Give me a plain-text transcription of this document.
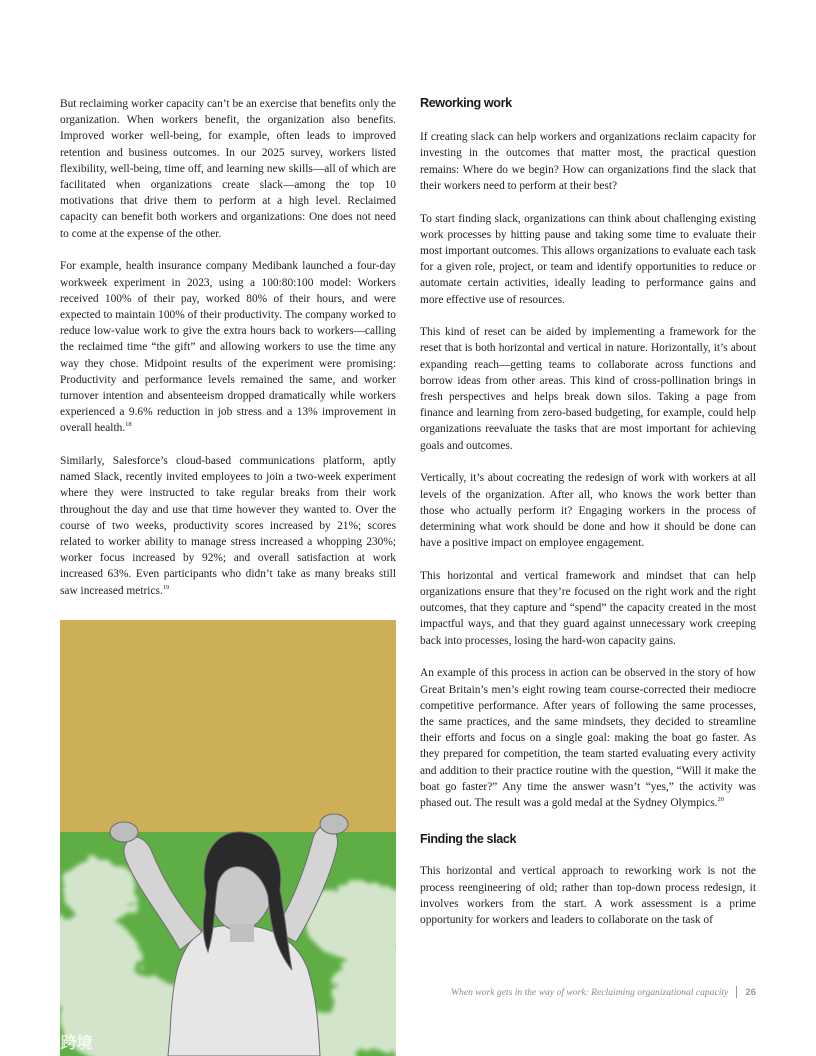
But reclaiming worker capacity can’t be an exercise that benefits only the organization. When workers benefit, the organization also benefits. Improved worker well-being, for example, often leads to improved retention and business outcomes. In our 2025 survey, workers listed flexibility, well-being, time off, and learning new skills—all of which are facilitated when organizations create slack—among the top 10 motivations that drive them to perform at a high level. Reclaimed capacity can benefit both workers and organizations: One does not need to come at the expense of the other.

For example, health insurance company Medibank launched a four-day workweek experiment in 2023, using a 100:80:100 model: Workers received 100% of their pay, worked 80% of their hours, and were expected to maintain 100% of their productivity. The company worked to reduce low-value work to give the extra hours back to workers—calling the reclaimed time “the gift” and allowing workers to use the time any way they chose. Midpoint results of the experiment were promising: Productivity and performance levels remained the same, and worker turnover intention and absenteeism dropped dramatically while workers experienced a 9.6% reduction in job stress and a 13% improvement in overall health.$^{18}$

Similarly, Salesforce’s cloud-based communications platform, aptly named Slack, recently invited employees to join a two-week experiment where they were instructed to take regular breaks from their work throughout the day and use that time however they wanted to. Over the course of two weeks, productivity scores increased by 21%; scores related to worker ability to manage stress increased a whopping 230%; worker focus increased by 92%; and overall satisfaction at work increased 63%. Even participants who didn’t take as many breaks still saw increased metrics.$^{19}$

Reworking work

If creating slack can help workers and organizations reclaim capacity for investing in the outcomes that matter most, the practical question remains: Where do we begin? How can organizations find the slack that their workers need to perform at their best?

To start finding slack, organizations can think about challenging existing work processes by hitting pause and taking some time to evaluate their most important outcomes. This allows organizations to evaluate each task for a given role, project, or team and identify opportunities to reduce or automate certain activities, ideally leading to performance gains and more effective use of resources.

This kind of reset can be aided by implementing a framework for the reset that is both horizontal and vertical in nature. Horizontally, it’s about expanding reach—getting teams to collaborate across functions and borrow ideas from other areas. This kind of cross-pollination brings in fresh perspectives and helps break down silos. Taking a page from finance and learning from zero-based budgeting, for example, could help organizations reevaluate the tasks that are most important for achieving goals and outcomes.

Vertically, it’s about cocreating the redesign of work with workers at all levels of the organization. After all, who knows the work better than those who actually perform it? Engaging workers in the process of determining what work should be done and how it should be done can have a positive impact on employee engagement.

This horizontal and vertical framework and mindset that can help organizations ensure that they’re focused on the right work and the right outcomes, that they capture and “spend” the capacity created in the most impactful ways, and that they guard against unnecessary work creeping back into processes, losing the hard-won capacity gains.

An example of this process in action can be observed in the story of how Great Britain’s men’s eight rowing team course-corrected their mediocre competitive performance. After years of following the same processes, the same practices, and the same mindsets, they decided to streamline their efforts and focus on a single goal: making the boat go faster. As they prepared for competition, the team started evaluating every activity and addition to their practice routine with the question, “Will it make the boat go faster?” Any time the answer wasn’t “yes,” the activity was phased out. The result was a gold medal at the Sydney Olympics.$^{20}$

Finding the slack

This horizontal and vertical approach to reworking work is not the process reengineering of old; rather than top-down process redesign, it involves workers from the start. A work assessment is a prime opportunity for workers and leaders to collaborate on the task of

When work gets in the way of work: Reclaiming organizational capacity 26
©○ 大数跨境
